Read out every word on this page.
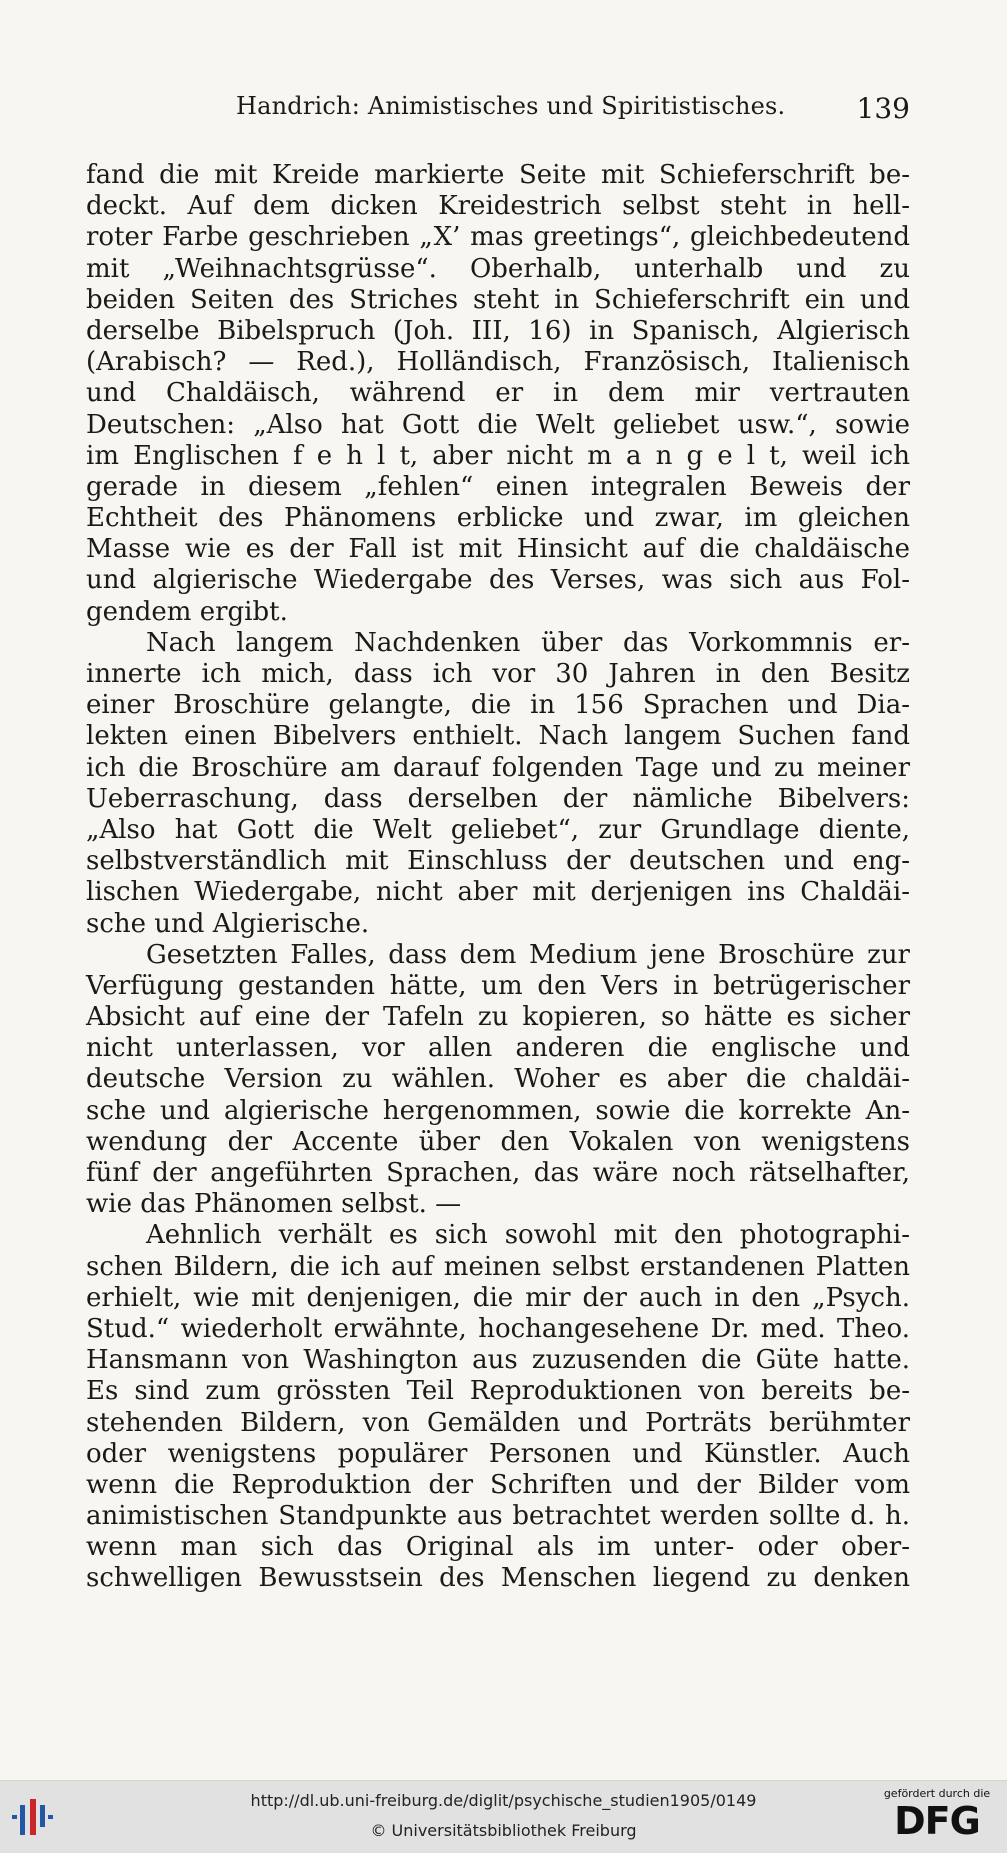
Handrich: Animistisches und Spiritistisches.	139
fand die mit Kreide markierte Seite mit Schieferschrift be-
deckt. Auf dem dicken Kreidestrich selbst steht in hell-
roter Farbe geschrieben „X’ mas greetings“, gleichbedeutend
mit „Weihnachtsgrüsse“. Oberhalb, unterhalb und zu
beiden Seiten des Striches steht in Schieferschrift ein und
derselbe Bibelspruch (Joh. III, 16) in Spanisch, Algierisch
(Arabisch? — Red.), Holländisch, Französisch, Italienisch
und Chaldäisch, während er in dem mir vertrauten
Deutschen: „Also hat Gott die Welt geliebet usw.“, sowie
im Englischen f e h l t, aber nicht m a n g e l t, weil ich
gerade in diesem „fehlen“ einen integralen Beweis der
Echtheit des Phänomens erblicke und zwar, im gleichen
Masse wie es der Fall ist mit Hinsicht auf die chaldäische
und algierische Wiedergabe des Verses, was sich aus Fol-
gendem ergibt.
Nach langem Nachdenken über das Vorkommnis er-
innerte ich mich, dass ich vor 30 Jahren in den Besitz
einer Broschüre gelangte, die in 156 Sprachen und Dia-
lekten einen Bibelvers enthielt. Nach langem Suchen fand
ich die Broschüre am darauf folgenden Tage und zu meiner
Ueberraschung, dass derselben der nämliche Bibelvers:
„Also hat Gott die Welt geliebet“, zur Grundlage diente,
selbstverständlich mit Einschluss der deutschen und eng-
lischen Wiedergabe, nicht aber mit derjenigen ins Chaldäi-
sche und Algierische.
Gesetzten Falles, dass dem Medium jene Broschüre zur
Verfügung gestanden hätte, um den Vers in betrügerischer
Absicht auf eine der Tafeln zu kopieren, so hätte es sicher
nicht unterlassen, vor allen anderen die englische und
deutsche Version zu wählen. Woher es aber die chaldäi-
sche und algierische hergenommen, sowie die korrekte An-
wendung der Accente über den Vokalen von wenigstens
fünf der angeführten Sprachen, das wäre noch rätselhafter,
wie das Phänomen selbst. —
Aehnlich verhält es sich sowohl mit den photographi-
schen Bildern, die ich auf meinen selbst erstandenen Platten
erhielt, wie mit denjenigen, die mir der auch in den „Psych.
Stud.“ wiederholt erwähnte, hochangesehene Dr. med. Theo.
Hansmann von Washington aus zuzusenden die Güte hatte.
Es sind zum grössten Teil Reproduktionen von bereits be-
stehenden Bildern, von Gemälden und Porträts berühmter
oder wenigstens populärer Personen und Künstler. Auch
wenn die Reproduktion der Schriften und der Bilder vom
animistischen Standpunkte aus betrachtet werden sollte d. h.
wenn man sich das Original als im unter- oder ober-
schwelligen Bewusstsein des Menschen liegend zu denken
http://dl.ub.uni-freiburg.de/diglit/psychische_studien1905/0149
© Universitätsbibliothek Freiburg
gefördert durch die
DFG
